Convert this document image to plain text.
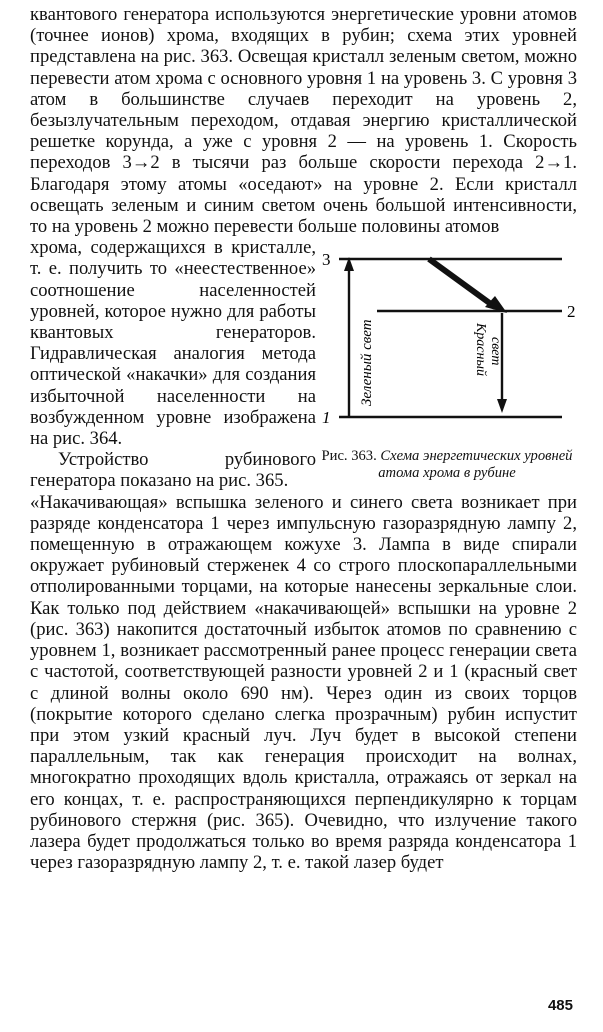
квантового генератора используются энергетические уровни атомов (точнее ионов) хрома, входящих в рубин; схема этих уровней представлена на рис. 363. Освещая кристалл зеленым светом, можно перевести атом хрома с основного уровня 1 на уровень 3. С уровня 3 атом в большинстве случаев переходит на уровень 2, безызлучательным переходом, отдавая энергию кристаллической решетке корунда, а уже с уровня 2 — на уровень 1. Скорость переходов 3→2 в тысячи раз больше скорости перехода 2→1. Благодаря этому атомы «оседают» на уровне 2. Если кристалл освещать зеленым и синим светом очень большой интенсивности, то на уровень 2 можно перевести больше половины атомов

хрома, содержащихся в кристалле, т. е. получить то «неестественное» соотношение населенностей уровней, которое нужно для работы квантовых генераторов. Гидравлическая аналогия метода оптической «накачки» для создания избыточной населенности на возбужденном уровне изображена на рис. 364.

Устройство рубинового генератора показано на рис. 365.

3
2
1
Зеленый свет	Красный свет
Рис. 363. Схема энергетических уровней атома хрома в рубине

«Накачивающая» вспышка зеленого и синего света возникает при разряде конденсатора 1 через импульсную газоразрядную лампу 2, помещенную в отражающем кожухе 3. Лампа в виде спирали окружает рубиновый стерженек 4 со строго плоскопараллельными отполированными торцами, на которые нанесены зеркальные слои. Как только под действием «накачивающей» вспышки на уровне 2 (рис. 363) накопится достаточный избыток атомов по сравнению с уровнем 1, возникает рассмотренный ранее процесс генерации света с частотой, соответствующей разности уровней 2 и 1 (красный свет с длиной волны около 690 нм). Через один из своих торцов (покрытие которого сделано слегка прозрачным) рубин испустит при этом узкий красный луч. Луч будет в высокой степени параллельным, так как генерация происходит на волнах, многократно проходящих вдоль кристалла, отражаясь от зеркал на его концах, т. е. распространяющихся перпендикулярно к торцам рубинового стержня (рис. 365). Очевидно, что излучение такого лазера будет продолжаться только во время разряда конденсатора 1 через газоразрядную лампу 2, т. е. такой лазер будет

485
